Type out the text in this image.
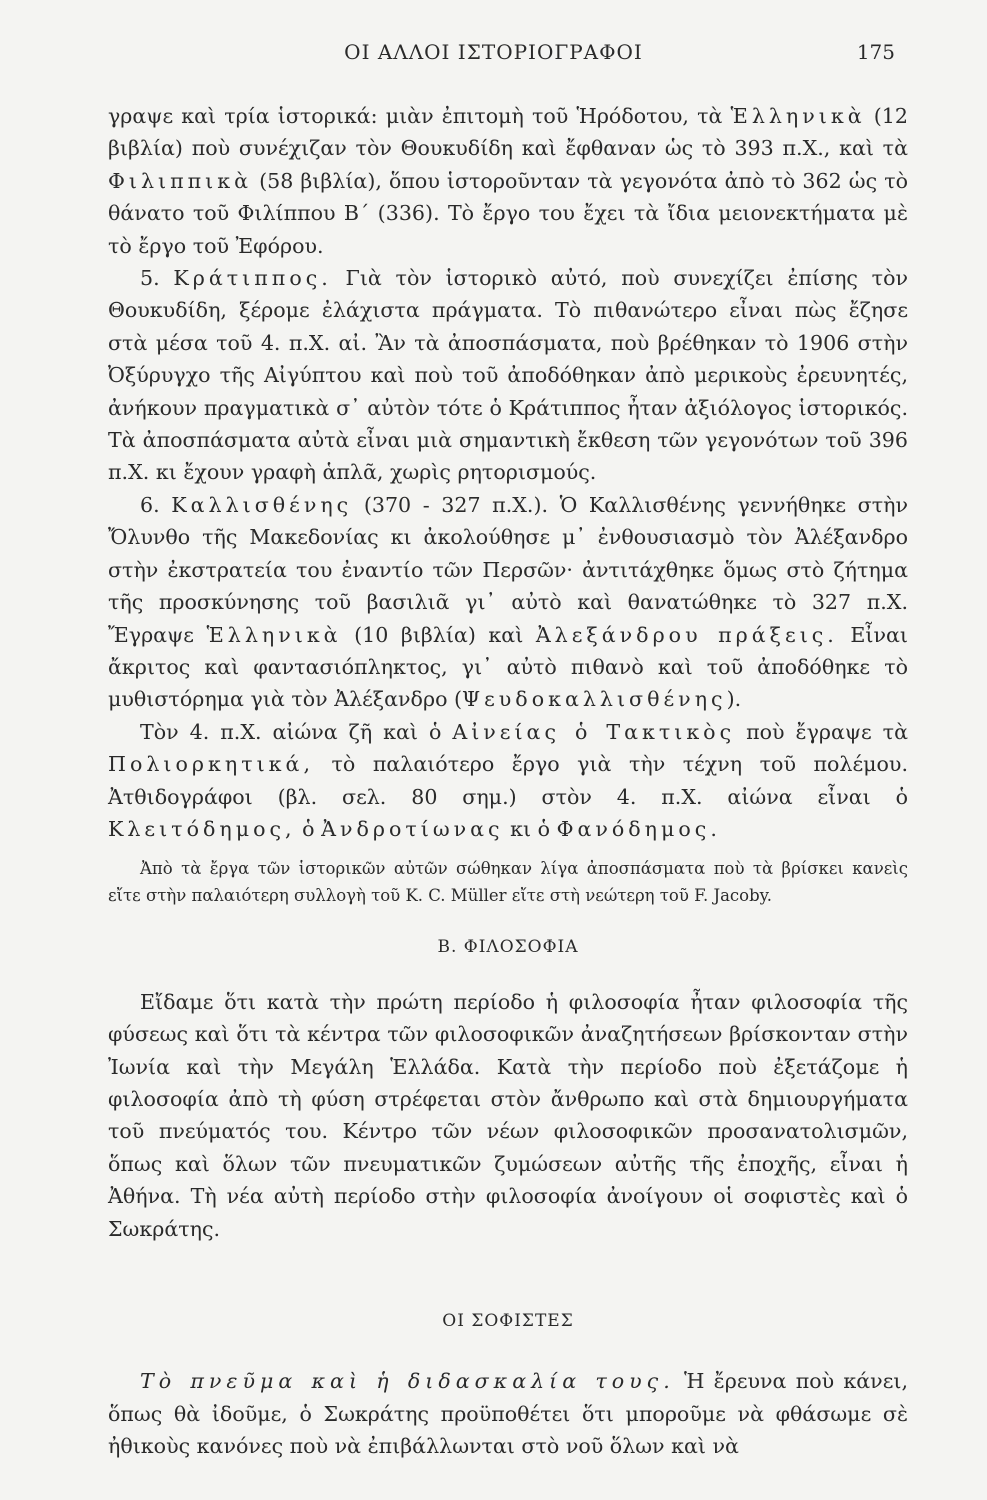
ΟΙ ΑΛΛΟΙ ΙΣΤΟΡΙΟΓΡΑΦΟΙ	175

γραψε καὶ τρία ἱστορικά: μιὰν ἐπιτομὴ τοῦ Ἡρόδοτου, τὰ Ἑλληνικὰ (12 βιβλία) ποὺ συνέχιζαν τὸν Θουκυδίδη καὶ ἔφθαναν ὡς τὸ 393 π.Χ., καὶ τὰ Φιλιππικὰ (58 βιβλία), ὅπου ἱστοροῦνταν τὰ γεγονότα ἀπὸ τὸ 362 ὡς τὸ θάνατο τοῦ Φιλίππου Β΄ (336). Τὸ ἔργο του ἔχει τὰ ἴδια μειονεκτήματα μὲ τὸ ἔργο τοῦ Ἐφόρου.

5. Κράτιππος. Γιὰ τὸν ἱστορικὸ αὐτό, ποὺ συνεχίζει ἐπίσης τὸν Θουκυδίδη, ξέρομε ἐλάχιστα πράγματα. Τὸ πιθανώτερο εἶναι πὼς ἔζησε στὰ μέσα τοῦ 4. π.Χ. αἰ. Ἂν τὰ ἀποσπάσματα, ποὺ βρέθηκαν τὸ 1906 στὴν Ὀξύρυγχο τῆς Αἰγύπτου καὶ ποὺ τοῦ ἀποδόθηκαν ἀπὸ μερικοὺς ἐρευνητές, ἀνήκουν πραγματικὰ σ᾽ αὐτὸν τότε ὁ Κράτιππος ἦταν ἀξιόλογος ἱστορικός. Τὰ ἀποσπάσματα αὐτὰ εἶναι μιὰ σημαντικὴ ἔκθεση τῶν γεγονότων τοῦ 396 π.Χ. κι ἔχουν γραφὴ ἁπλᾶ, χωρὶς ρητορισμούς.

6. Καλλισθένης (370 - 327 π.Χ.). Ὁ Καλλισθένης γεννήθηκε στὴν Ὄλυνθο τῆς Μακεδονίας κι ἀκολούθησε μ᾽ ἐνθουσιασμὸ τὸν Ἀλέξανδρο στὴν ἐκστρατεία του ἐναντίο τῶν Περσῶν· ἀντιτάχθηκε ὅμως στὸ ζήτημα τῆς προσκύνησης τοῦ βασιλιᾶ γι᾽ αὐτὸ καὶ θανατώθηκε τὸ 327 π.Χ. Ἔγραψε Ἑλληνικὰ (10 βιβλία) καὶ Ἀλεξάνδρου πράξεις. Εἶναι ἄκριτος καὶ φαντασιόπληκτος, γι᾽ αὐτὸ πιθανὸ καὶ τοῦ ἀποδόθηκε τὸ μυθιστόρημα γιὰ τὸν Ἀλέξανδρο (Ψευδοκαλλισθένης).

Τὸν 4. π.Χ. αἰώνα ζῆ καὶ ὁ Αἰνείας ὁ Τακτικὸς ποὺ ἔγραψε τὰ Πολιορκητικά, τὸ παλαιότερο ἔργο γιὰ τὴν τέχνη τοῦ πολέμου. Ἀτθιδογράφοι (βλ. σελ. 80 σημ.) στὸν 4. π.Χ. αἰώνα εἶναι ὁ Κλειτόδημος, ὁ Ἀνδροτίωνας κι ὁ Φανόδημος.

Ἀπὸ τὰ ἔργα τῶν ἱστορικῶν αὐτῶν σώθηκαν λίγα ἀποσπάσματα ποὺ τὰ βρίσκει κανεὶς εἴτε στὴν παλαιότερη συλλογὴ τοῦ K. C. Müller εἴτε στὴ νεώτερη τοῦ F. Jacoby.

Β. ΦΙΛΟΣΟΦΙΑ

Εἴδαμε ὅτι κατὰ τὴν πρώτη περίοδο ἡ φιλοσοφία ἦταν φιλοσοφία τῆς φύσεως καὶ ὅτι τὰ κέντρα τῶν φιλοσοφικῶν ἀναζητήσεων βρίσκονταν στὴν Ἰωνία καὶ τὴν Μεγάλη Ἑλλάδα. Κατὰ τὴν περίοδο ποὺ ἐξετάζομε ἡ φιλοσοφία ἀπὸ τὴ φύση στρέφεται στὸν ἄνθρωπο καὶ στὰ δημιουργήματα τοῦ πνεύματός του. Κέντρο τῶν νέων φιλοσοφικῶν προσανατολισμῶν, ὅπως καὶ ὅλων τῶν πνευματικῶν ζυμώσεων αὐτῆς τῆς ἐποχῆς, εἶναι ἡ Ἀθήνα. Τὴ νέα αὐτὴ περίοδο στὴν φιλοσοφία ἀνοίγουν οἱ σοφιστὲς καὶ ὁ Σωκράτης.

ΟΙ ΣΟΦΙΣΤΕΣ

Τὸ πνεῦμα καὶ ἡ διδασκαλία τους. Ἡ ἔρευνα ποὺ κάνει, ὅπως θὰ ἰδοῦμε, ὁ Σωκράτης προϋποθέτει ὅτι μποροῦμε νὰ φθάσωμε σὲ ἠθικοὺς κανόνες ποὺ νὰ ἐπιβάλλωνται στὸ νοῦ ὅλων καὶ νὰ
